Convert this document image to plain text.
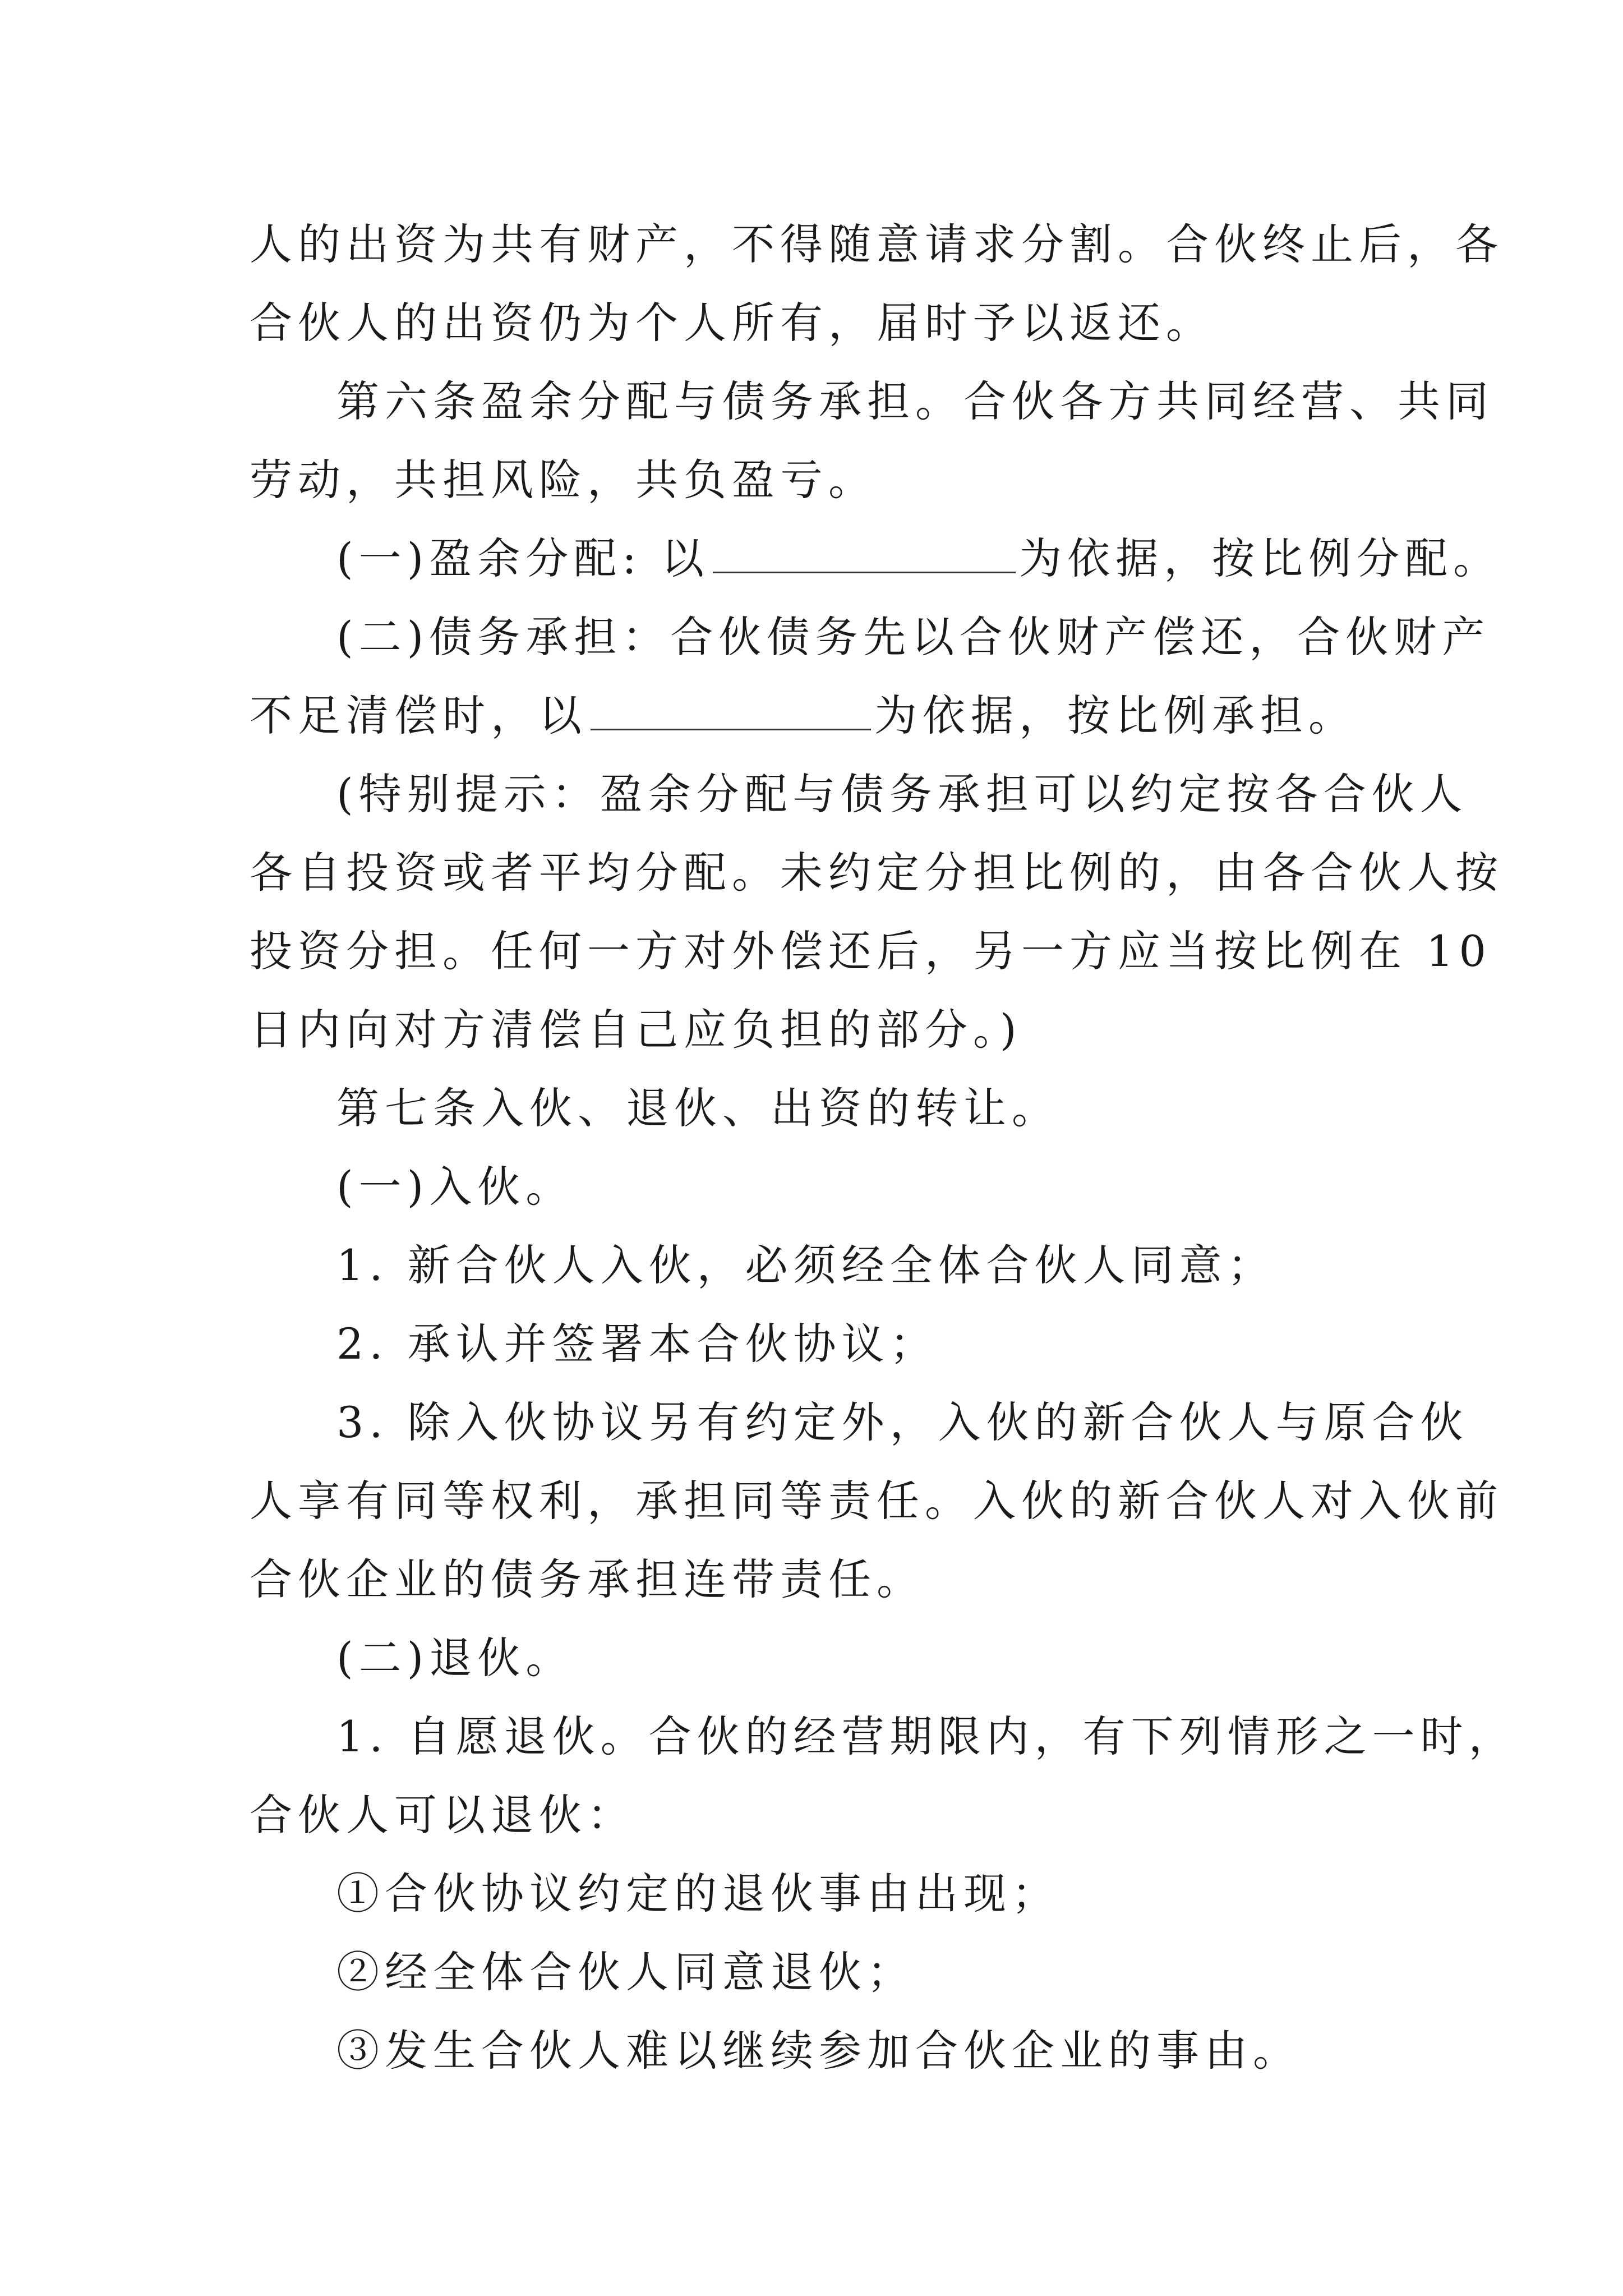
人的出资为共有财产，不得随意请求分割。合伙终止后，各
合伙人的出资仍为个人所有，届时予以返还。
第六条盈余分配与债务承担。合伙各方共同经营、共同
劳动，共担风险，共负盈亏。
(一)盈余分配: 以	为依据，按比例分配。
(二)债务承担：合伙债务先以合伙财产偿还，合伙财产
不足清偿时，以	为依据，按比例承担。
(特别提示：盈余分配与债务承担可以约定按各合伙人
各自投资或者平均分配。未约定分担比例的，由各合伙人按
投资分担。任何一方对外偿还后，另一方应当按比例在 10
日内向对方清偿自己应负担的部分。)
第七条入伙、退伙、出资的转让。
(一)入伙。
1. 新合伙人入伙，必须经全体合伙人同意；
2. 承认并签署本合伙协议；
3. 除入伙协议另有约定外，入伙的新合伙人与原合伙
人享有同等权利，承担同等责任。入伙的新合伙人对入伙前
合伙企业的债务承担连带责任。
(二)退伙。
1. 自愿退伙。合伙的经营期限内，有下列情形之一时，
合伙人可以退伙：
①合伙协议约定的退伙事由出现；
②经全体合伙人同意退伙；
③发生合伙人难以继续参加合伙企业的事由。
